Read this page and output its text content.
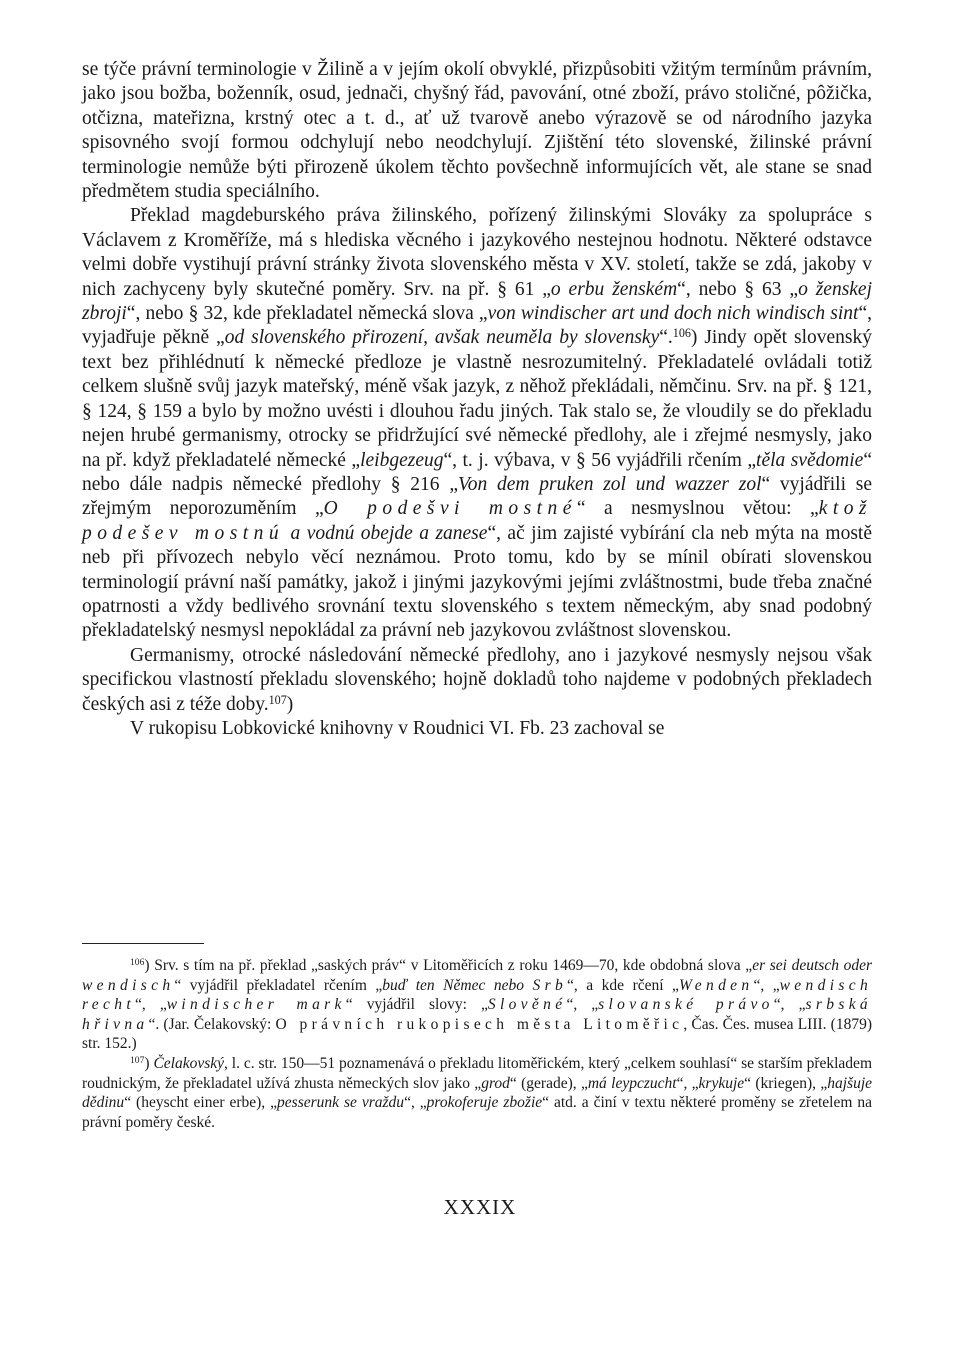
se týče právní terminologie v Žilině a v jejím okolí obvyklé, přizpůsobiti vžitým termínům právním, jako jsou božba, boženník, osud, jednači, chyšný řád, pavování, otné zboží, právo stoličné, pôžička, otčizna, mateřizna, krstný otec a t. d., ať už tvarově anebo výrazově se od národního jazyka spisovného svojí formou odchylují nebo neodchylují. Zjištění této slovenské, žilinské právní terminologie nemůže býti přirozeně úkolem těchto povšechně informujících vět, ale stane se snad předmětem studia speciálního.

Překlad magdeburského práva žilinského, pořízený žilinskými Slováky za spolupráce s Václavem z Kroměříže, má s hlediska věcného i jazykového nestejnou hodnotu. Některé odstavce velmi dobře vystihují právní stránky života slovenského města v XV. století, takže se zdá, jakoby v nich zachyceny byly skutečné poměry. Srv. na př. § 61 „o erbu ženském“, nebo § 63 „o ženskej zbroji“, nebo § 32, kde překladatel německá slova „von windischer art und doch nich windisch sint“, vyjadřuje pěkně „od slovenského přirození, avšak neuměla by slovensky“.$^{106}$) Jindy opět slovenský text bez přihlédnutí k německé předloze je vlastně nesrozumitelný. Překladatelé ovládali totiž celkem slušně svůj jazyk mateřský, méně však jazyk, z něhož překládali, němčinu. Srv. na př. § 121, § 124, § 159 a bylo by možno uvésti i dlouhou řadu jiných. Tak stalo se, že vloudily se do překladu nejen hrubé germanismy, otrocky se přidržující své německé předlohy, ale i zřejmé nesmysly, jako na př. když překladatelé německé „leibgezeug“, t. j. výbava, v § 56 vyjádřili rčením „těla svědomie“ nebo dále nadpis německé předlohy § 216 „Von dem pruken zol und wazzer zol“ vyjádřili se zřejmým neporozuměním „O podešvi mostné“ a nesmyslnou větou: „ktož podešev mostnú a vodnú obejde a zanese“, ač jim zajisté vybírání cla neb mýta na mostě neb při přívozech nebylo věcí neznámou. Proto tomu, kdo by se mínil obírati slovenskou terminologií právní naší památky, jakož i jinými jazykovými jejími zvláštnostmi, bude třeba značné opatrnosti a vždy bedlivého srovnání textu slovenského s textem německým, aby snad podobný překladatelský nesmysl nepokládal za právní neb jazykovou zvláštnost slovenskou.

Germanismy, otrocké následování německé předlohy, ano i jazykové nesmysly nejsou však specifickou vlastností překladu slovenského; hojně dokladů toho najdeme v podobných překladech českých asi z téže doby.$^{107}$)

V rukopisu Lobkovické knihovny v Roudnici VI. Fb. 23 zachoval se

$^{106}$) Srv. s tím na př. překlad „saských práv“ v Litoměřicích z roku 1469—70, kde obdobná slova „er sei deutsch oder wendisch“ vyjádřil překladatel rčením „buď ten Němec nebo Srb“, a kde rčení „Wenden“, „wendisch recht“, „windischer mark“ vyjádřil slovy: „Slověné“, „slovanské právo“, „srbská hřivna“. (Jar. Čelakovský: O právních rukopisech města Litoměřic, Čas. Čes. musea LIII. (1879) str. 152.)

$^{107}$) Čelakovský, l. c. str. 150—51 poznamenává o překladu litoměřickém, který „celkem souhlasí“ se starším překladem roudnickým, že překladatel užívá zhusta německých slov jako „grod“ (gerade), „má leypczucht“, „krykuje“ (kriegen), „hajšuje dědinu“ (heyscht einer erbe), „pesserunk se vraždu“, „prokoferuje zbožie“ atd. a činí v textu některé proměny se zřetelem na právní poměry české.

XXXIX
